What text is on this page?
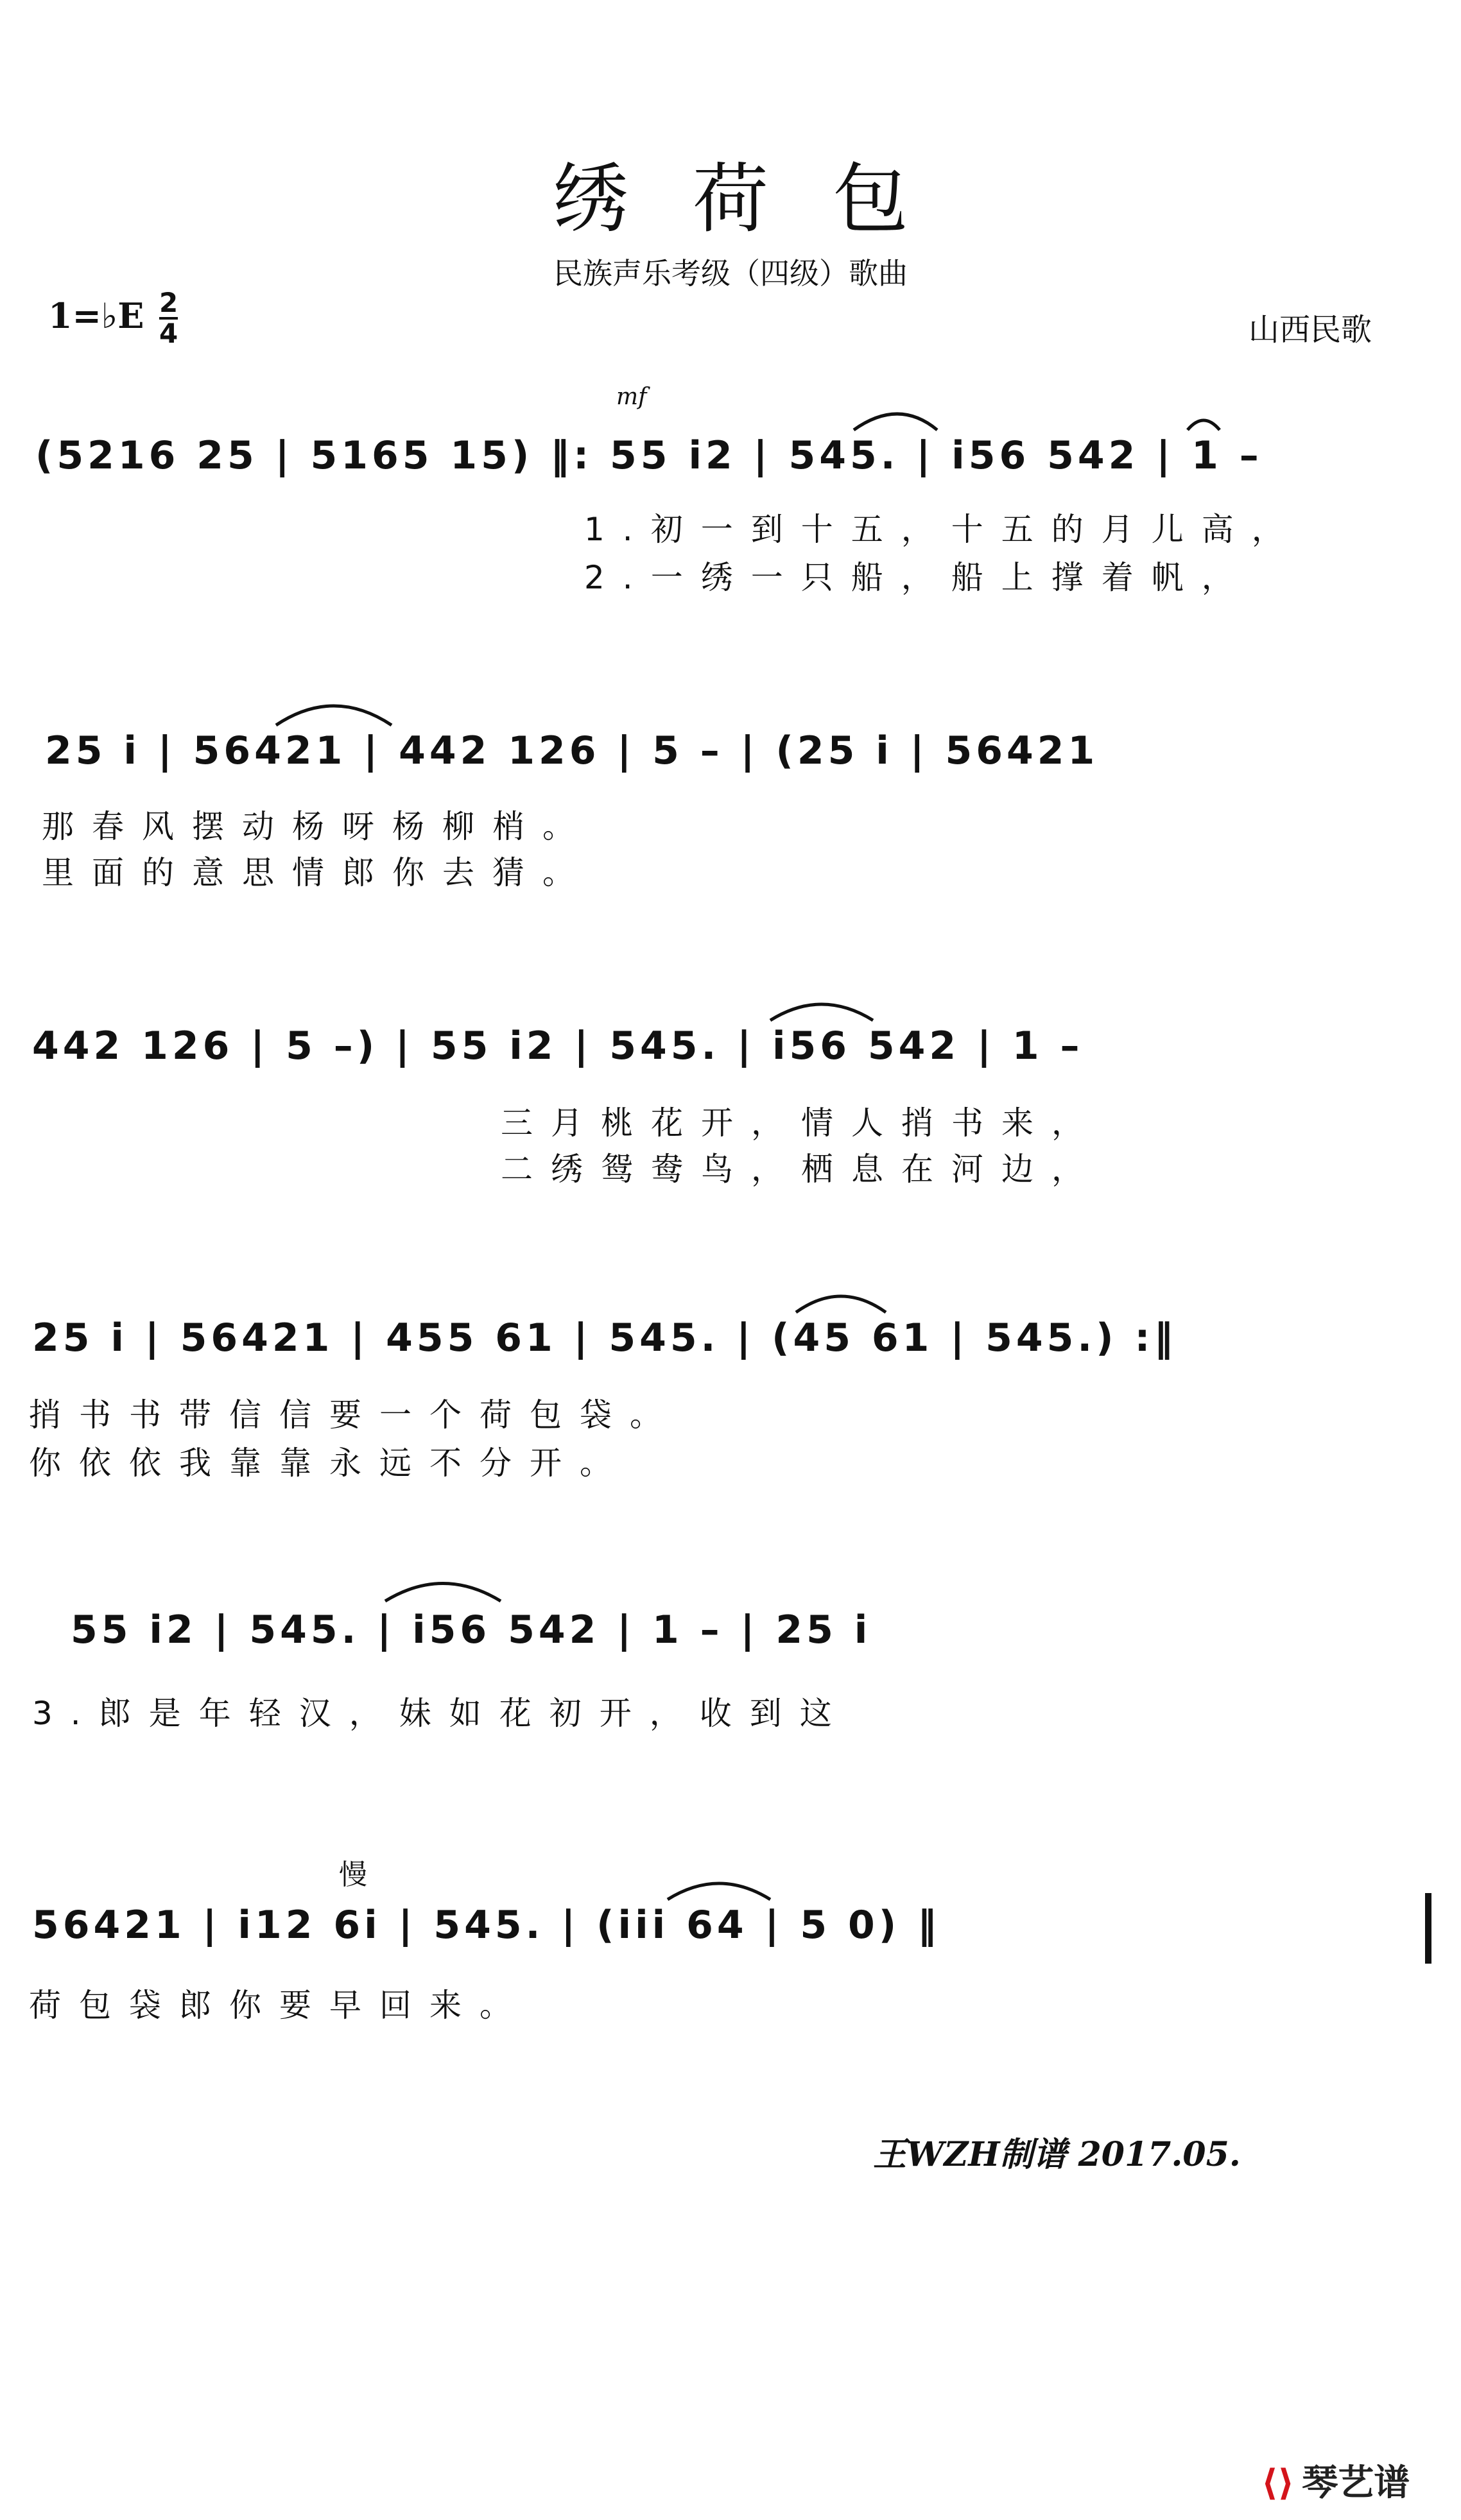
绣荷包
民族声乐考级（四级）歌曲
1=♭E 2
4	山西民歌
mf
(5216 25 | 5165 15) ‖: 55 i2 | 545. | i56 542 | 1 –
1.初一到十五，十五的月儿高，
2.一绣一只船，船上撑着帆，
25 i | 56421 | 442 126 | 5 – | (25 i | 56421
那春风摆动杨呀杨柳梢。
里面的意思情郎你去猜。
442 126 | 5 –) | 55 i2 | 545. | i56 542 | 1 –
三月桃花开，情人捎书来，
二绣鸳鸯鸟，栖息在河边，
25 i | 56421 | 455 61 | 545. | (45 61 | 545.) :‖
捎书书带信信要一个荷包袋。
你依依我靠靠永远不分开。
55 i2 | 545. | i56 542 | 1 – | 25 i
3.郎是年轻汉，妹如花初开，收到这
慢
56421 | i12 6i | 545. | (iii 64 | 5 0) ‖
荷包袋郎你要早回来。
王WZH制谱 2017.05.
⟨⟩ 琴艺谱
